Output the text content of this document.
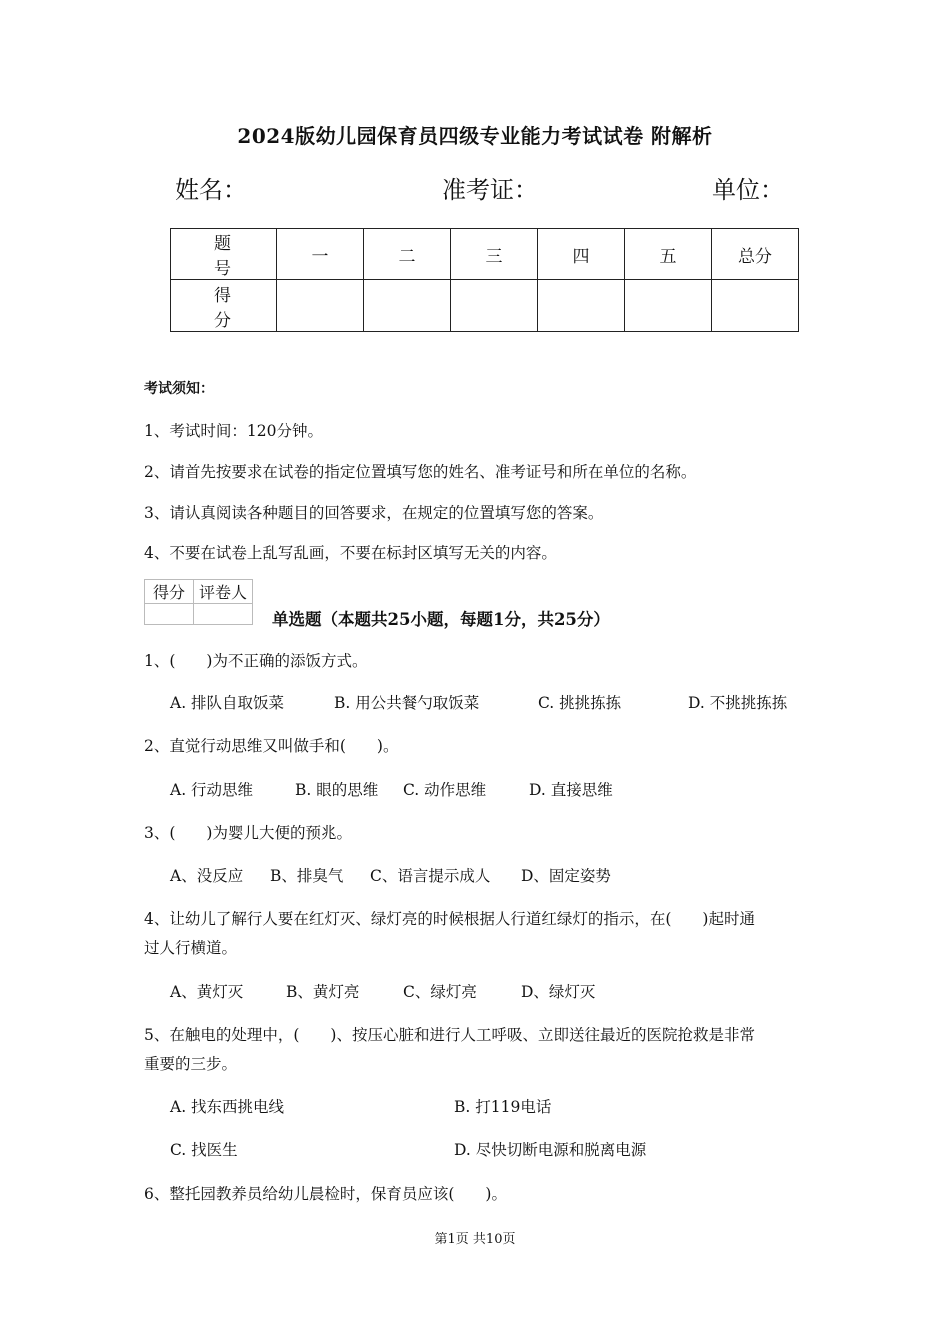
2024版幼儿园保育员四级专业能力考试试卷 附解析
姓名：	准考证：	单位：
题 号	一	二	三	四	五	总分
得 分						
考试须知：
1、考试时间：120分钟。
2、请首先按要求在试卷的指定位置填写您的姓名、准考证号和所在单位的名称。
3、请认真阅读各种题目的回答要求，在规定的位置填写您的答案。
4、不要在试卷上乱写乱画，不要在标封区填写无关的内容。
得分	评卷人

单选题（本题共25小题，每题1分，共25分）
1、(　　)为不正确的添饭方式。
A. 排队自取饭菜	B. 用公共餐勺取饭菜	C. 挑挑拣拣	D. 不挑挑拣拣
2、直觉行动思维又叫做手和(　　)。
A. 行动思维	B. 眼的思维 C. 动作思维	D. 直接思维
3、(　　)为婴儿大便的预兆。
A、没反应 B、排臭气 C、语言提示成人 D、固定姿势
4、让幼儿了解行人要在红灯灭、绿灯亮的时候根据人行道红绿灯的指示，在(　　)起时通
过人行横道。
A、黄灯灭	B、黄灯亮	C、绿灯亮	D、绿灯灭
5、在触电的处理中，(　　)、按压心脏和进行人工呼吸、立即送往最近的医院抢救是非常
重要的三步。
A. 找东西挑电线	B. 打119电话
C. 找医生	D. 尽快切断电源和脱离电源
6、整托园教养员给幼儿晨检时，保育员应该(　　)。
第1页 共10页
